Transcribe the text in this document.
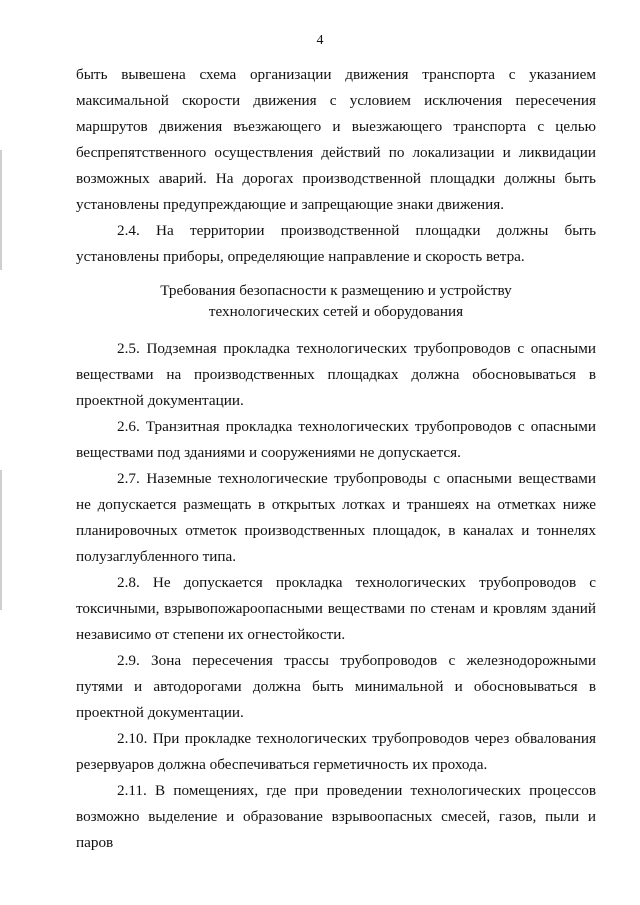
4

быть вывешена схема организации движения транспорта с указанием максимальной скорости движения с условием исключения пересечения маршрутов движения въезжающего и выезжающего транспорта с целью беспрепятственного осуществления действий по локализации и ликвидации возможных аварий. На дорогах производственной площадки должны быть установлены предупреждающие и запрещающие знаки движения.

2.4. На территории производственной площадки должны быть установлены приборы, определяющие направление и скорость ветра.

Требования безопасности к размещению и устройству
технологических сетей и оборудования

2.5. Подземная прокладка технологических трубопроводов с опасными веществами на производственных площадках должна обосновываться в проектной документации.

2.6. Транзитная прокладка технологических трубопроводов с опасными веществами под зданиями и сооружениями не допускается.

2.7. Наземные технологические трубопроводы с опасными веществами не допускается размещать в открытых лотках и траншеях на отметках ниже планировочных отметок производственных площадок, в каналах и тоннелях полузаглубленного типа.

2.8. Не допускается прокладка технологических трубопроводов с токсичными, взрывопожароопасными веществами по стенам и кровлям зданий независимо от степени их огнестойкости.

2.9. Зона пересечения трассы трубопроводов с железнодорожными путями и автодорогами должна быть минимальной и обосновываться в проектной документации.

2.10. При прокладке технологических трубопроводов через обвалования резервуаров должна обеспечиваться герметичность их прохода.

2.11. В помещениях, где при проведении технологических процессов возможно выделение и образование взрывоопасных смесей, газов, пыли и паров
